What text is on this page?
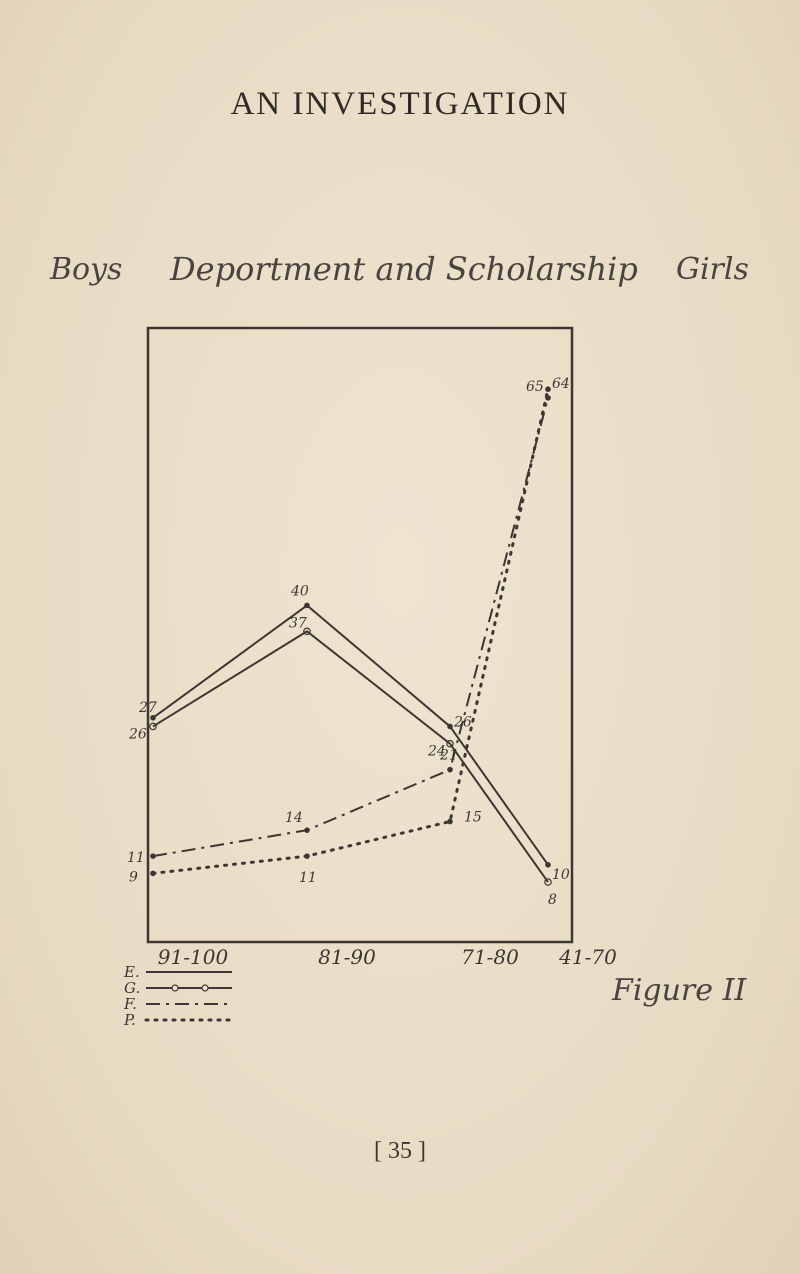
AN INVESTIGATION
Boys Deportment and Scholarship Girls
27
40
26
10
26
37
24
8
11
14
21
64
9	11
15
65
91-100	81-90	71-80 41-70
E.
G.
F.
P.
Figure II
[ 35 ]
